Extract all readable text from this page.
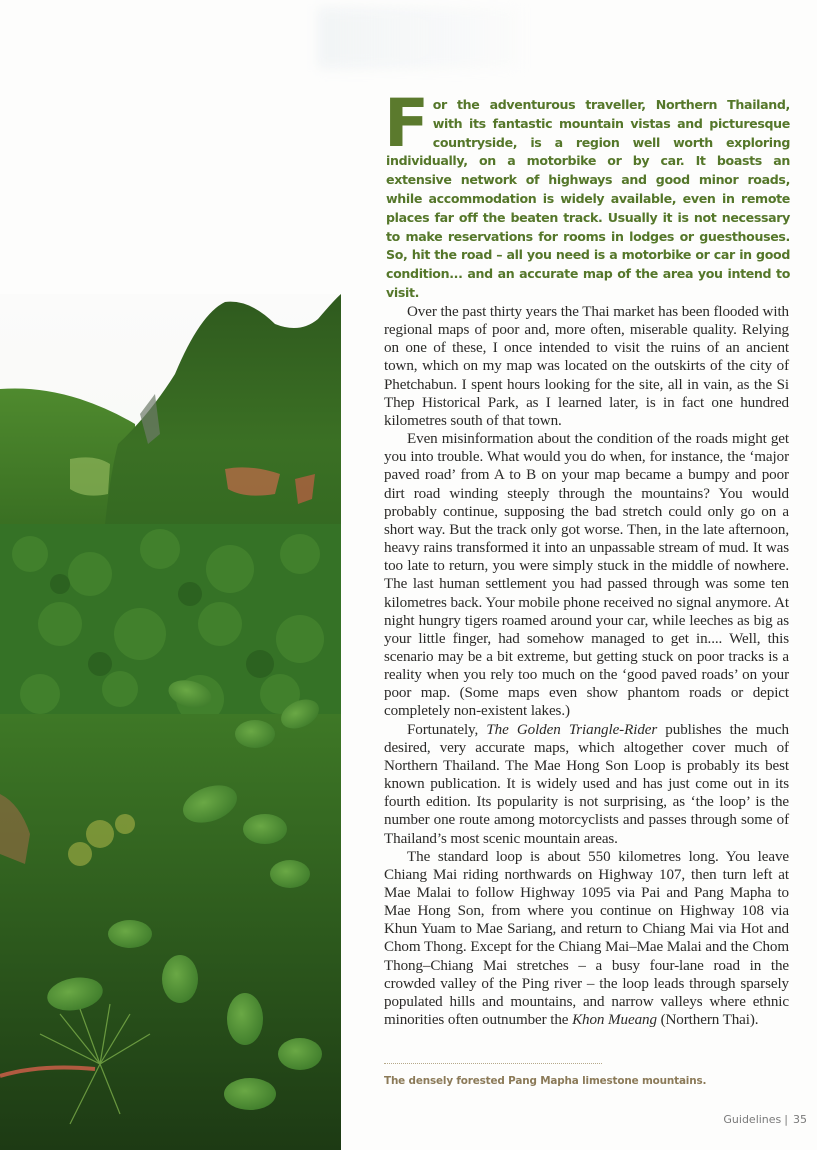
For the adventurous traveller, Northern Thailand, with its fantastic mountain vistas and picturesque countryside, is a region well worth exploring individually, on a motorbike or by car. It boasts an extensive network of highways and good minor roads, while accommodation is widely available, even in remote places far off the beaten track. Usually it is not necessary to make reservations for rooms in lodges or guesthouses. So, hit the road – all you need is a motorbike or car in good condition... and an accurate map of the area you intend to visit.

Over the past thirty years the Thai market has been flooded with regional maps of poor and, more often, miserable quality. Relying on one of these, I once intended to visit the ruins of an ancient town, which on my map was located on the outskirts of the city of Phetchabun. I spent hours looking for the site, all in vain, as the Si Thep Historical Park, as I learned later, is in fact one hundred kilometres south of that town.

Even misinformation about the condition of the roads might get you into trouble. What would you do when, for instance, the ‘major paved road’ from A to B on your map became a bumpy and poor dirt road winding steeply through the mountains? You would probably continue, supposing the bad stretch could only go on a short way. But the track only got worse. Then, in the late afternoon, heavy rains transformed it into an unpassable stream of mud. It was too late to return, you were simply stuck in the middle of nowhere. The last human settlement you had passed through was some ten kilometres back. Your mobile phone received no signal anymore. At night hungry tigers roamed around your car, while leeches as big as your little finger, had somehow managed to get in.... Well, this scenario may be a bit extreme, but getting stuck on poor tracks is a reality when you rely too much on the ‘good paved roads’ on your poor map. (Some maps even show phantom roads or depict completely non-existent lakes.)

Fortunately, The Golden Triangle-Rider publishes the much desired, very accurate maps, which altogether cover much of Northern Thailand. The Mae Hong Son Loop is probably its best known publication. It is widely used and has just come out in its fourth edition. Its popularity is not surprising, as ‘the loop’ is the number one route among motorcyclists and passes through some of Thailand’s most scenic mountain areas.

The standard loop is about 550 kilometres long. You leave Chiang Mai riding northwards on Highway 107, then turn left at Mae Malai to follow Highway 1095 via Pai and Pang Mapha to Mae Hong Son, from where you continue on Highway 108 via Khun Yuam to Mae Sariang, and return to Chiang Mai via Hot and Chom Thong. Except for the Chiang Mai–Mae Malai and the Chom Thong–Chiang Mai stretches – a busy four-lane road in the crowded valley of the Ping river – the loop leads through sparsely populated hills and mountains, and narrow valleys where ethnic minorities often outnumber the Khon Mueang (Northern Thai).

The densely forested Pang Mapha limestone mountains.
Guidelines | 35
